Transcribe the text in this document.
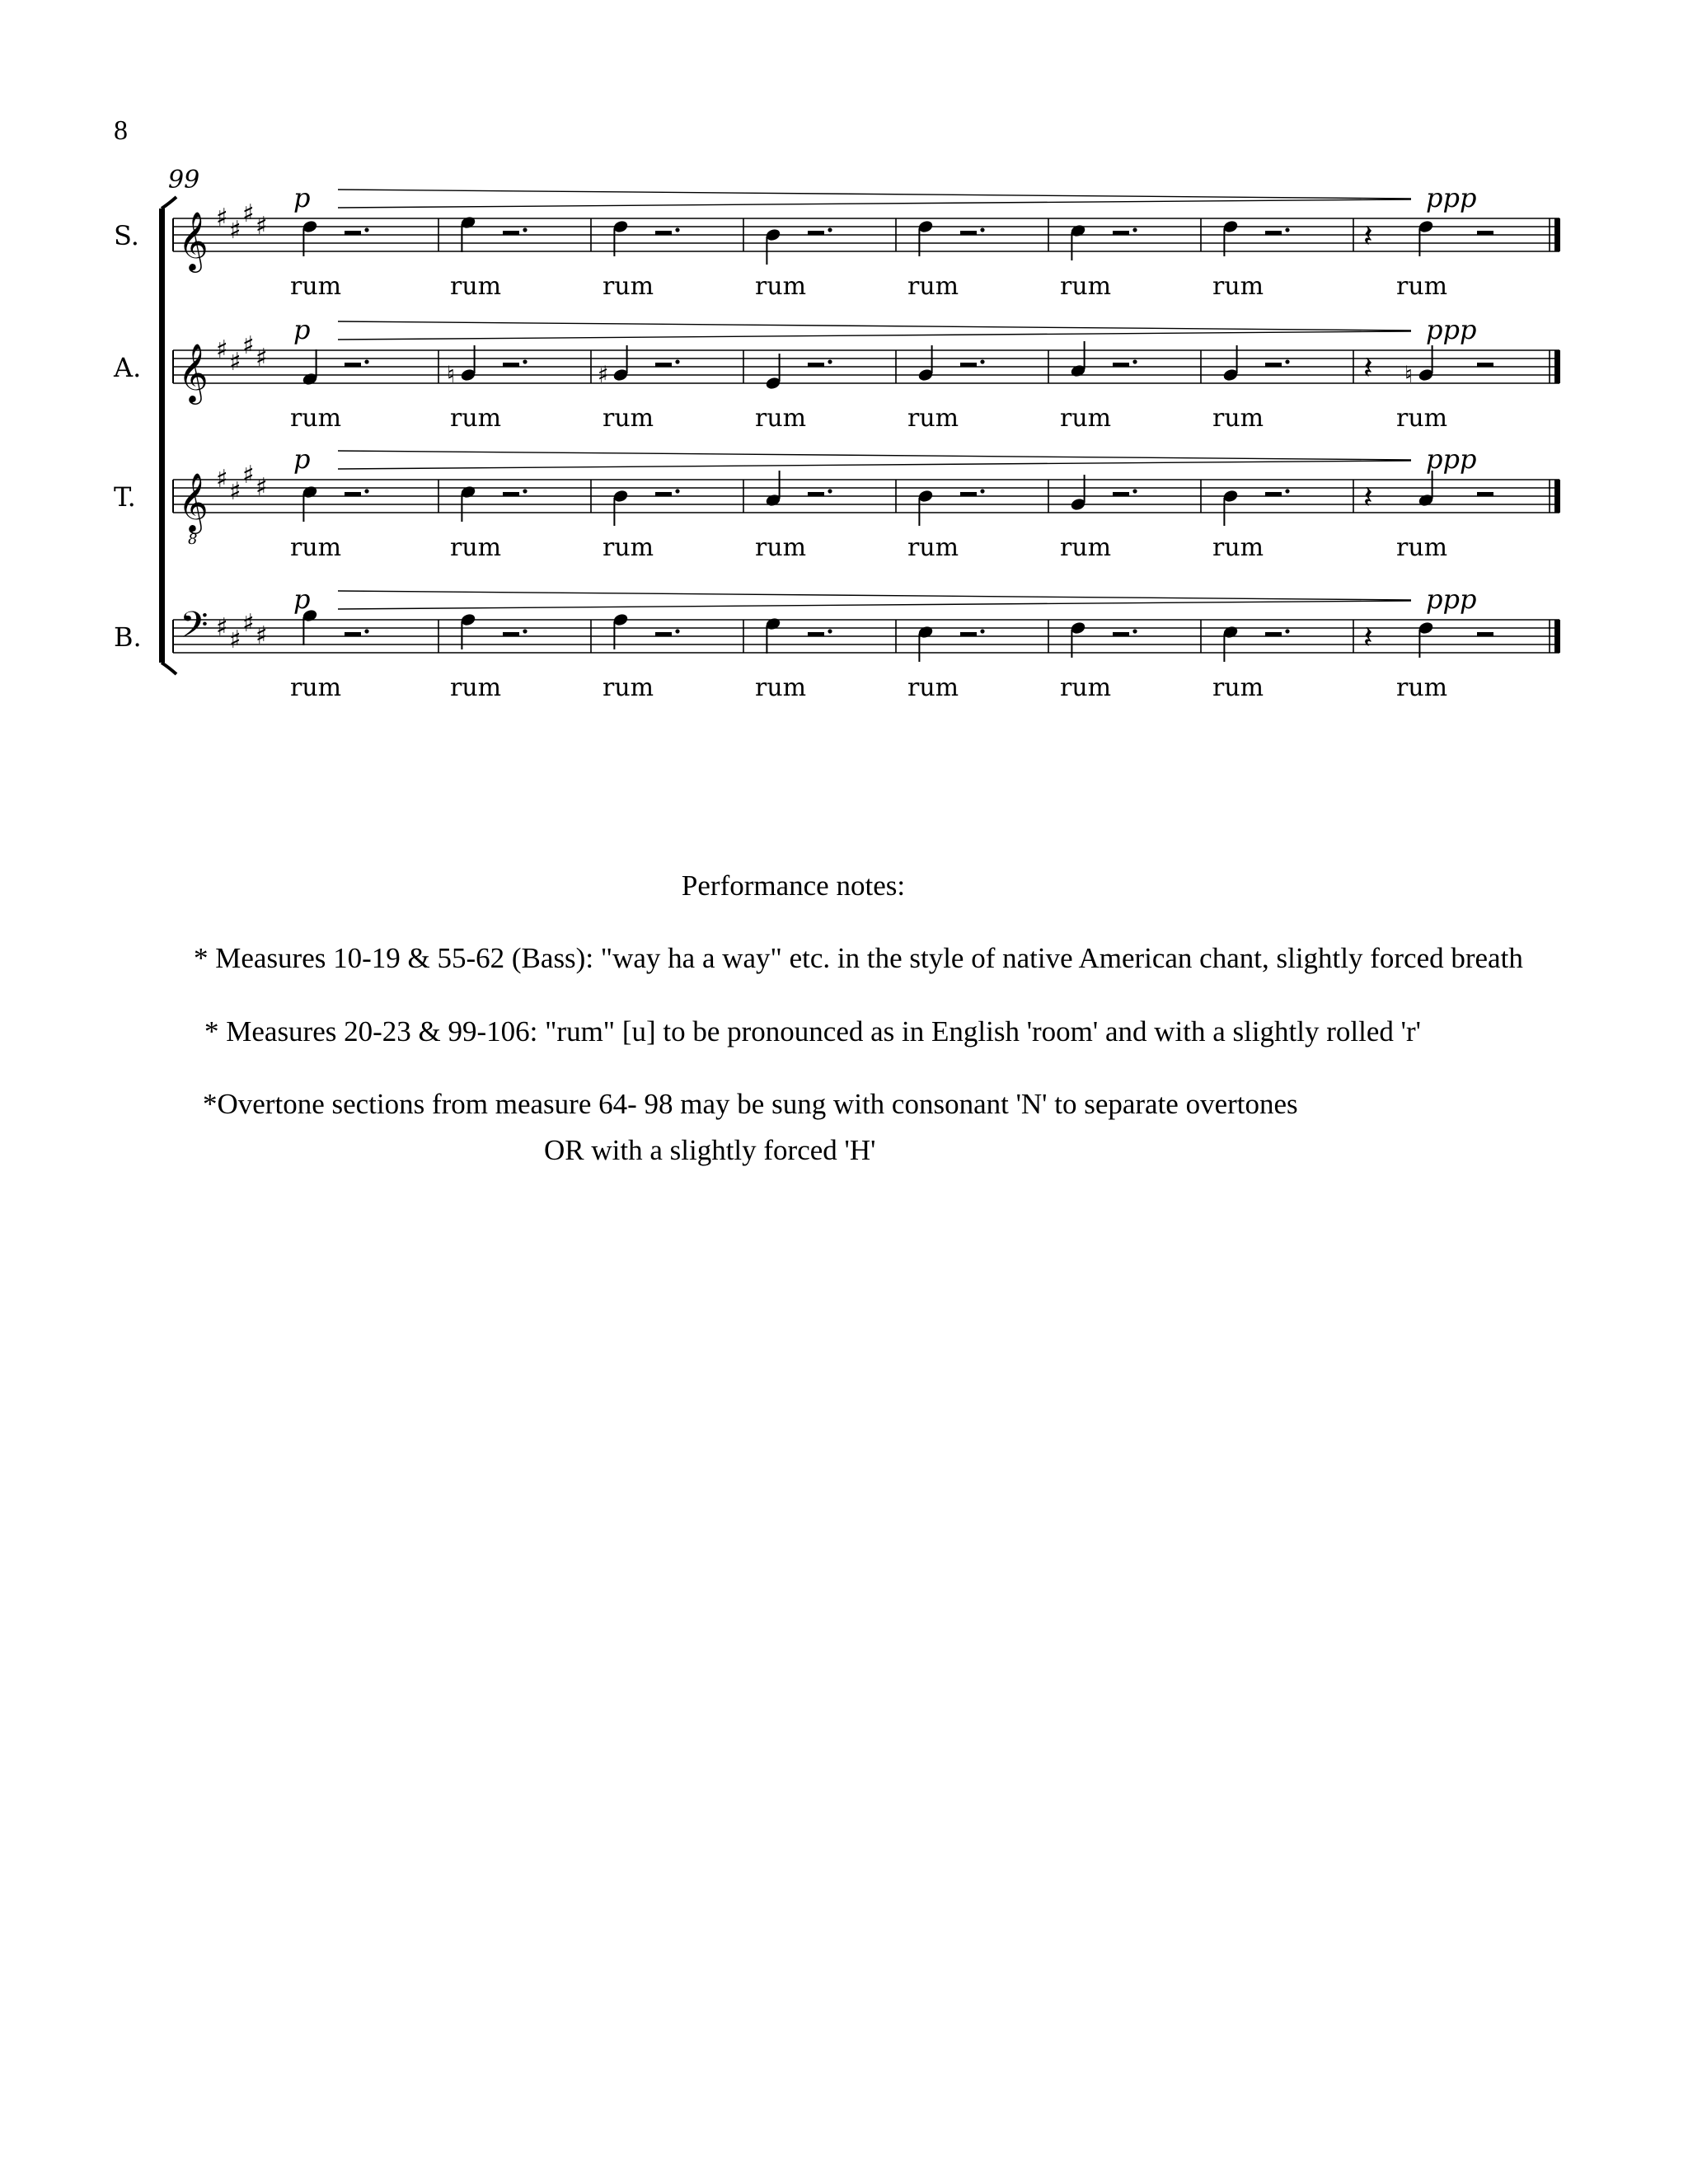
8
99
S. 𝄞 ♯ ♯
♯ ♯
p	ppp
rum	rum	rum	rum	rum	rum	rum
𝄽
rum
A. 𝄞 ♯ ♯
♯ ♯
p	ppp
rum
♮
rum
♯
rum	rum	rum	rum	rum
𝄽 ♮
rum
T. 𝄞
8
♯ ♯
♯ ♯
p	ppp
rum	rum	rum	rum	rum	rum	rum
𝄽
rum
B. 𝄢 ♯ ♯
♯ ♯
p	ppp
rum	rum	rum	rum	rum	rum	rum
𝄽
rum
Performance notes:
* Measures 10-19 & 55-62 (Bass): "way ha a way" etc. in the style of native American chant, slightly forced breath
* Measures 20-23 & 99-106: "rum" [u] to be pronounced as in English 'room' and with a slightly rolled 'r'
*Overtone sections from measure 64- 98 may be sung with consonant 'N' to separate overtones
OR with a slightly forced 'H'
